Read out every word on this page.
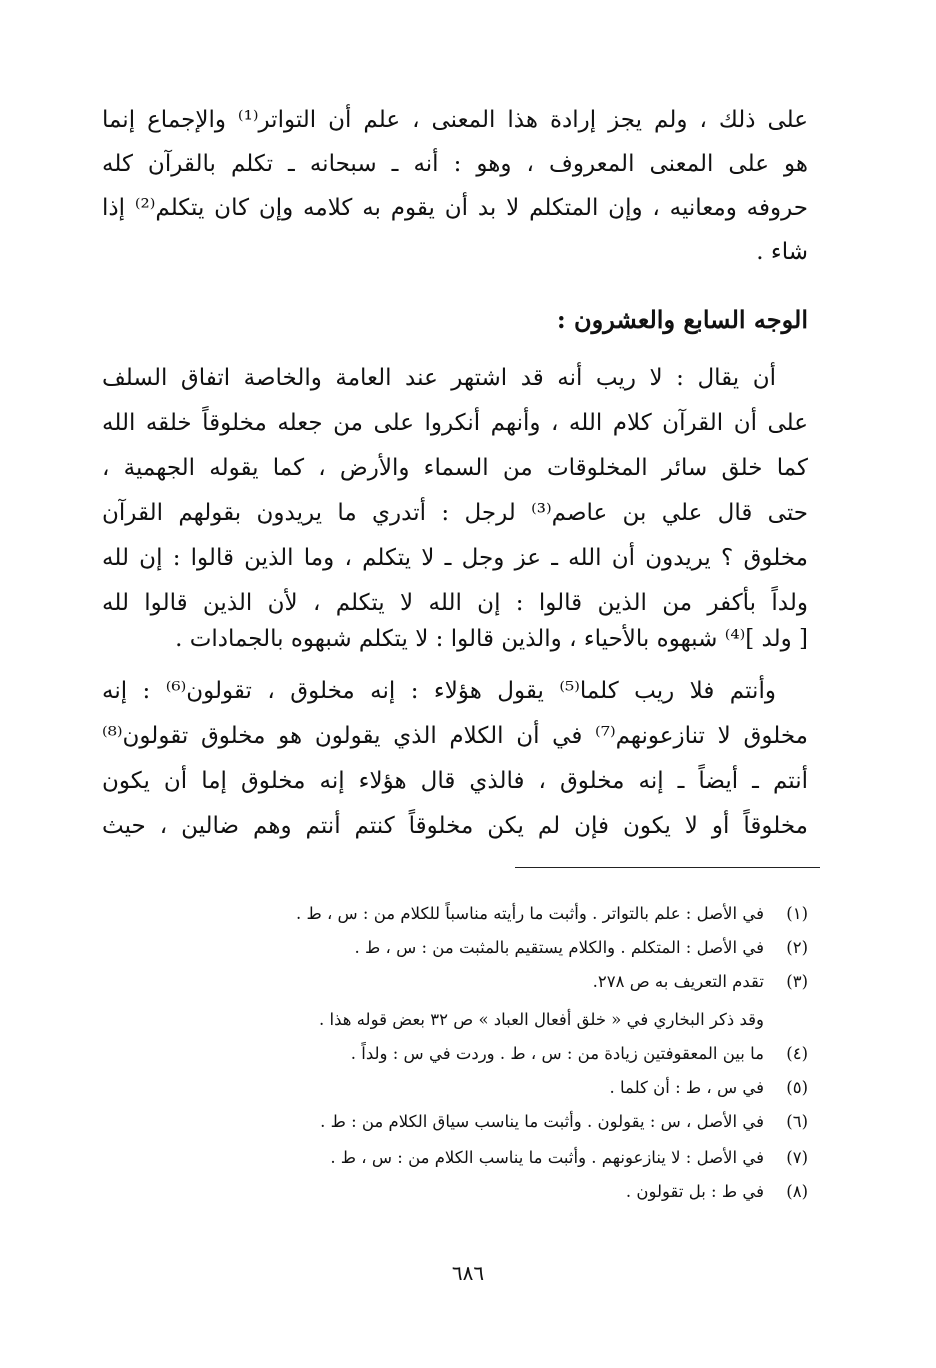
على ذلك ، ولم يجز إرادة هذا المعنى ، علم أن التواتر⁽¹⁾ والإجماع إنما
هو على المعنى المعروف ، وهو : أنه ـ سبحانه ـ تكلم بالقرآن كله
حروفه ومعانيه ، وإن المتكلم لا بد أن يقوم به كلامه وإن كان يتكلم⁽²⁾ إذا
شاء .
الوجه السابع والعشرون :
أن يقال : لا ريب أنه قد اشتهر عند العامة والخاصة اتفاق السلف
على أن القرآن كلام الله ، وأنهم أنكروا على من جعله مخلوقاً خلقه الله
كما خلق سائر المخلوقات من السماء والأرض ، كما يقوله الجهمية ،
حتى قال علي بن عاصم⁽³⁾ لرجل : أتدري ما يريدون بقولهم القرآن
مخلوق ؟ يريدون أن الله ـ عز وجل ـ لا يتكلم ، وما الذين قالوا : إن لله
ولداً بأكفر من الذين قالوا : إن الله لا يتكلم ، لأن الذين قالوا لله
[ ولد ]⁽⁴⁾ شبهوه بالأحياء ، والذين قالوا : لا يتكلم شبهوه بالجمادات .
وأنتم فلا ريب كلما⁽⁵⁾ يقول هؤلاء : إنه مخلوق ، تقولون⁽⁶⁾ : إنه
مخلوق لا تنازعونهم⁽⁷⁾ في أن الكلام الذي يقولون هو مخلوق تقولون⁽⁸⁾
أنتم ـ أيضاً ـ إنه مخلوق ، فالذي قال هؤلاء إنه مخلوق إما أن يكون
مخلوقاً أو لا يكون فإن لم يكن مخلوقاً كنتم أنتم وهم ضالين ، حيث
(١)في الأصل : علم بالتواتر . وأثبت ما رأيته مناسباً للكلام من : س ، ط .
(٢)في الأصل : المتكلم . والكلام يستقيم بالمثبت من : س ، ط .
(٣)تقدم التعريف به ص ٢٧٨.
وقد ذكر البخاري في « خلق أفعال العباد » ص ٣٢ بعض قوله هذا .
(٤)ما بين المعقوفتين زيادة من : س ، ط . وردت في س : ولداً .
(٥)في س ، ط : أن كلما .
(٦)في الأصل ، س : يقولون . وأثبت ما يناسب سياق الكلام من : ط .
(٧)في الأصل : لا ينازعونهم . وأثبت ما يناسب الكلام من : س ، ط .
(٨)في ط : بل تقولون .
٦٨٦
